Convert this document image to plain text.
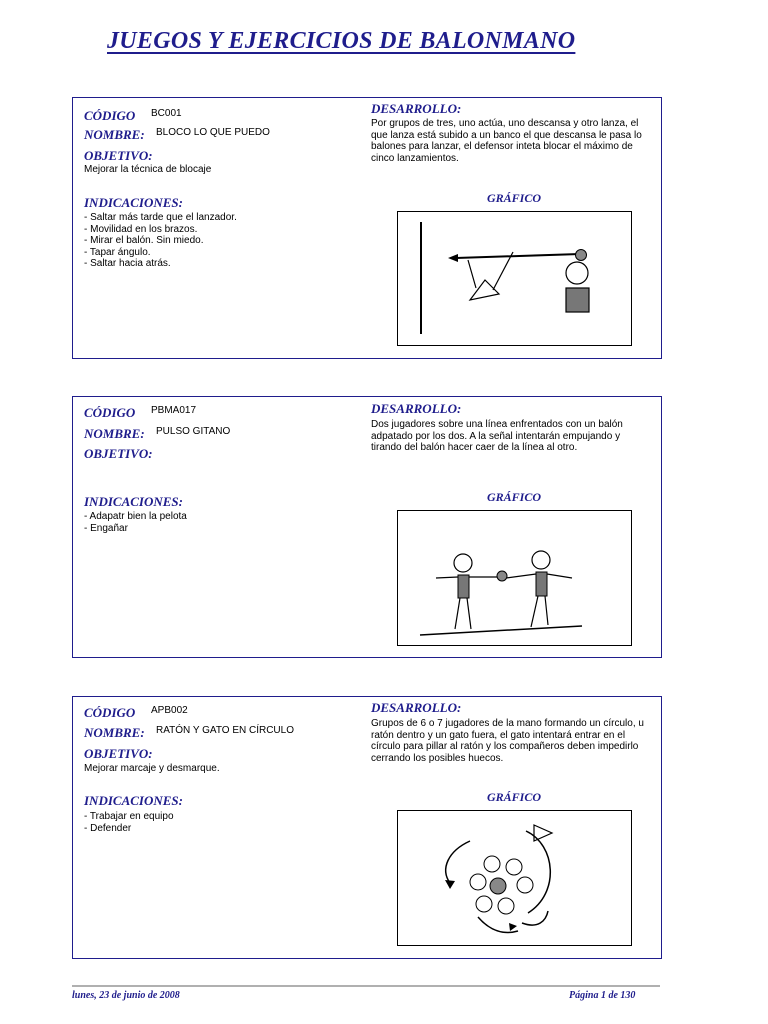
JUEGOS Y EJERCICIOS DE BALONMANO
CÓDIGO BC001
NOMBRE: BLOCO LO QUE PUEDO
OBJETIVO:
Mejorar la técnica de blocaje
INDICACIONES:
- Saltar más tarde que el lanzador.
- Movilidad en los brazos.
- Mirar el balón. Sin miedo.
- Tapar ángulo.
- Saltar hacia atrás.
DESARROLLO:
Por grupos de tres, uno actúa, uno descansa y otro lanza, el
que lanza está subido a un banco el que descansa le pasa lo
balones para lanzar, el defensor inteta blocar el máximo de
cinco lanzamientos.
GRÁFICO
CÓDIGO PBMA017
NOMBRE: PULSO GITANO
OBJETIVO:
INDICACIONES:
- Adapatr bien la pelota
- Engañar
DESARROLLO:
Dos jugadores sobre una línea enfrentados con un balón
adpatado por los dos. A la señal intentarán empujando y
tirando del balón hacer caer de la línea al otro.
GRÁFICO
CÓDIGO APB002
NOMBRE: RATÓN Y GATO EN CÍRCULO
OBJETIVO:
Mejorar marcaje y desmarque.
INDICACIONES:
- Trabajar en equipo
- Defender
DESARROLLO:
Grupos de 6 o 7 jugadores de la mano formando un círculo, u
ratón dentro y un gato fuera, el gato intentará entrar en el
círculo para pillar al ratón y los compañeros deben impedirlo
cerrando los posibles huecos.
GRÁFICO
lunes, 23 de junio de 2008	Página 1 de 130
